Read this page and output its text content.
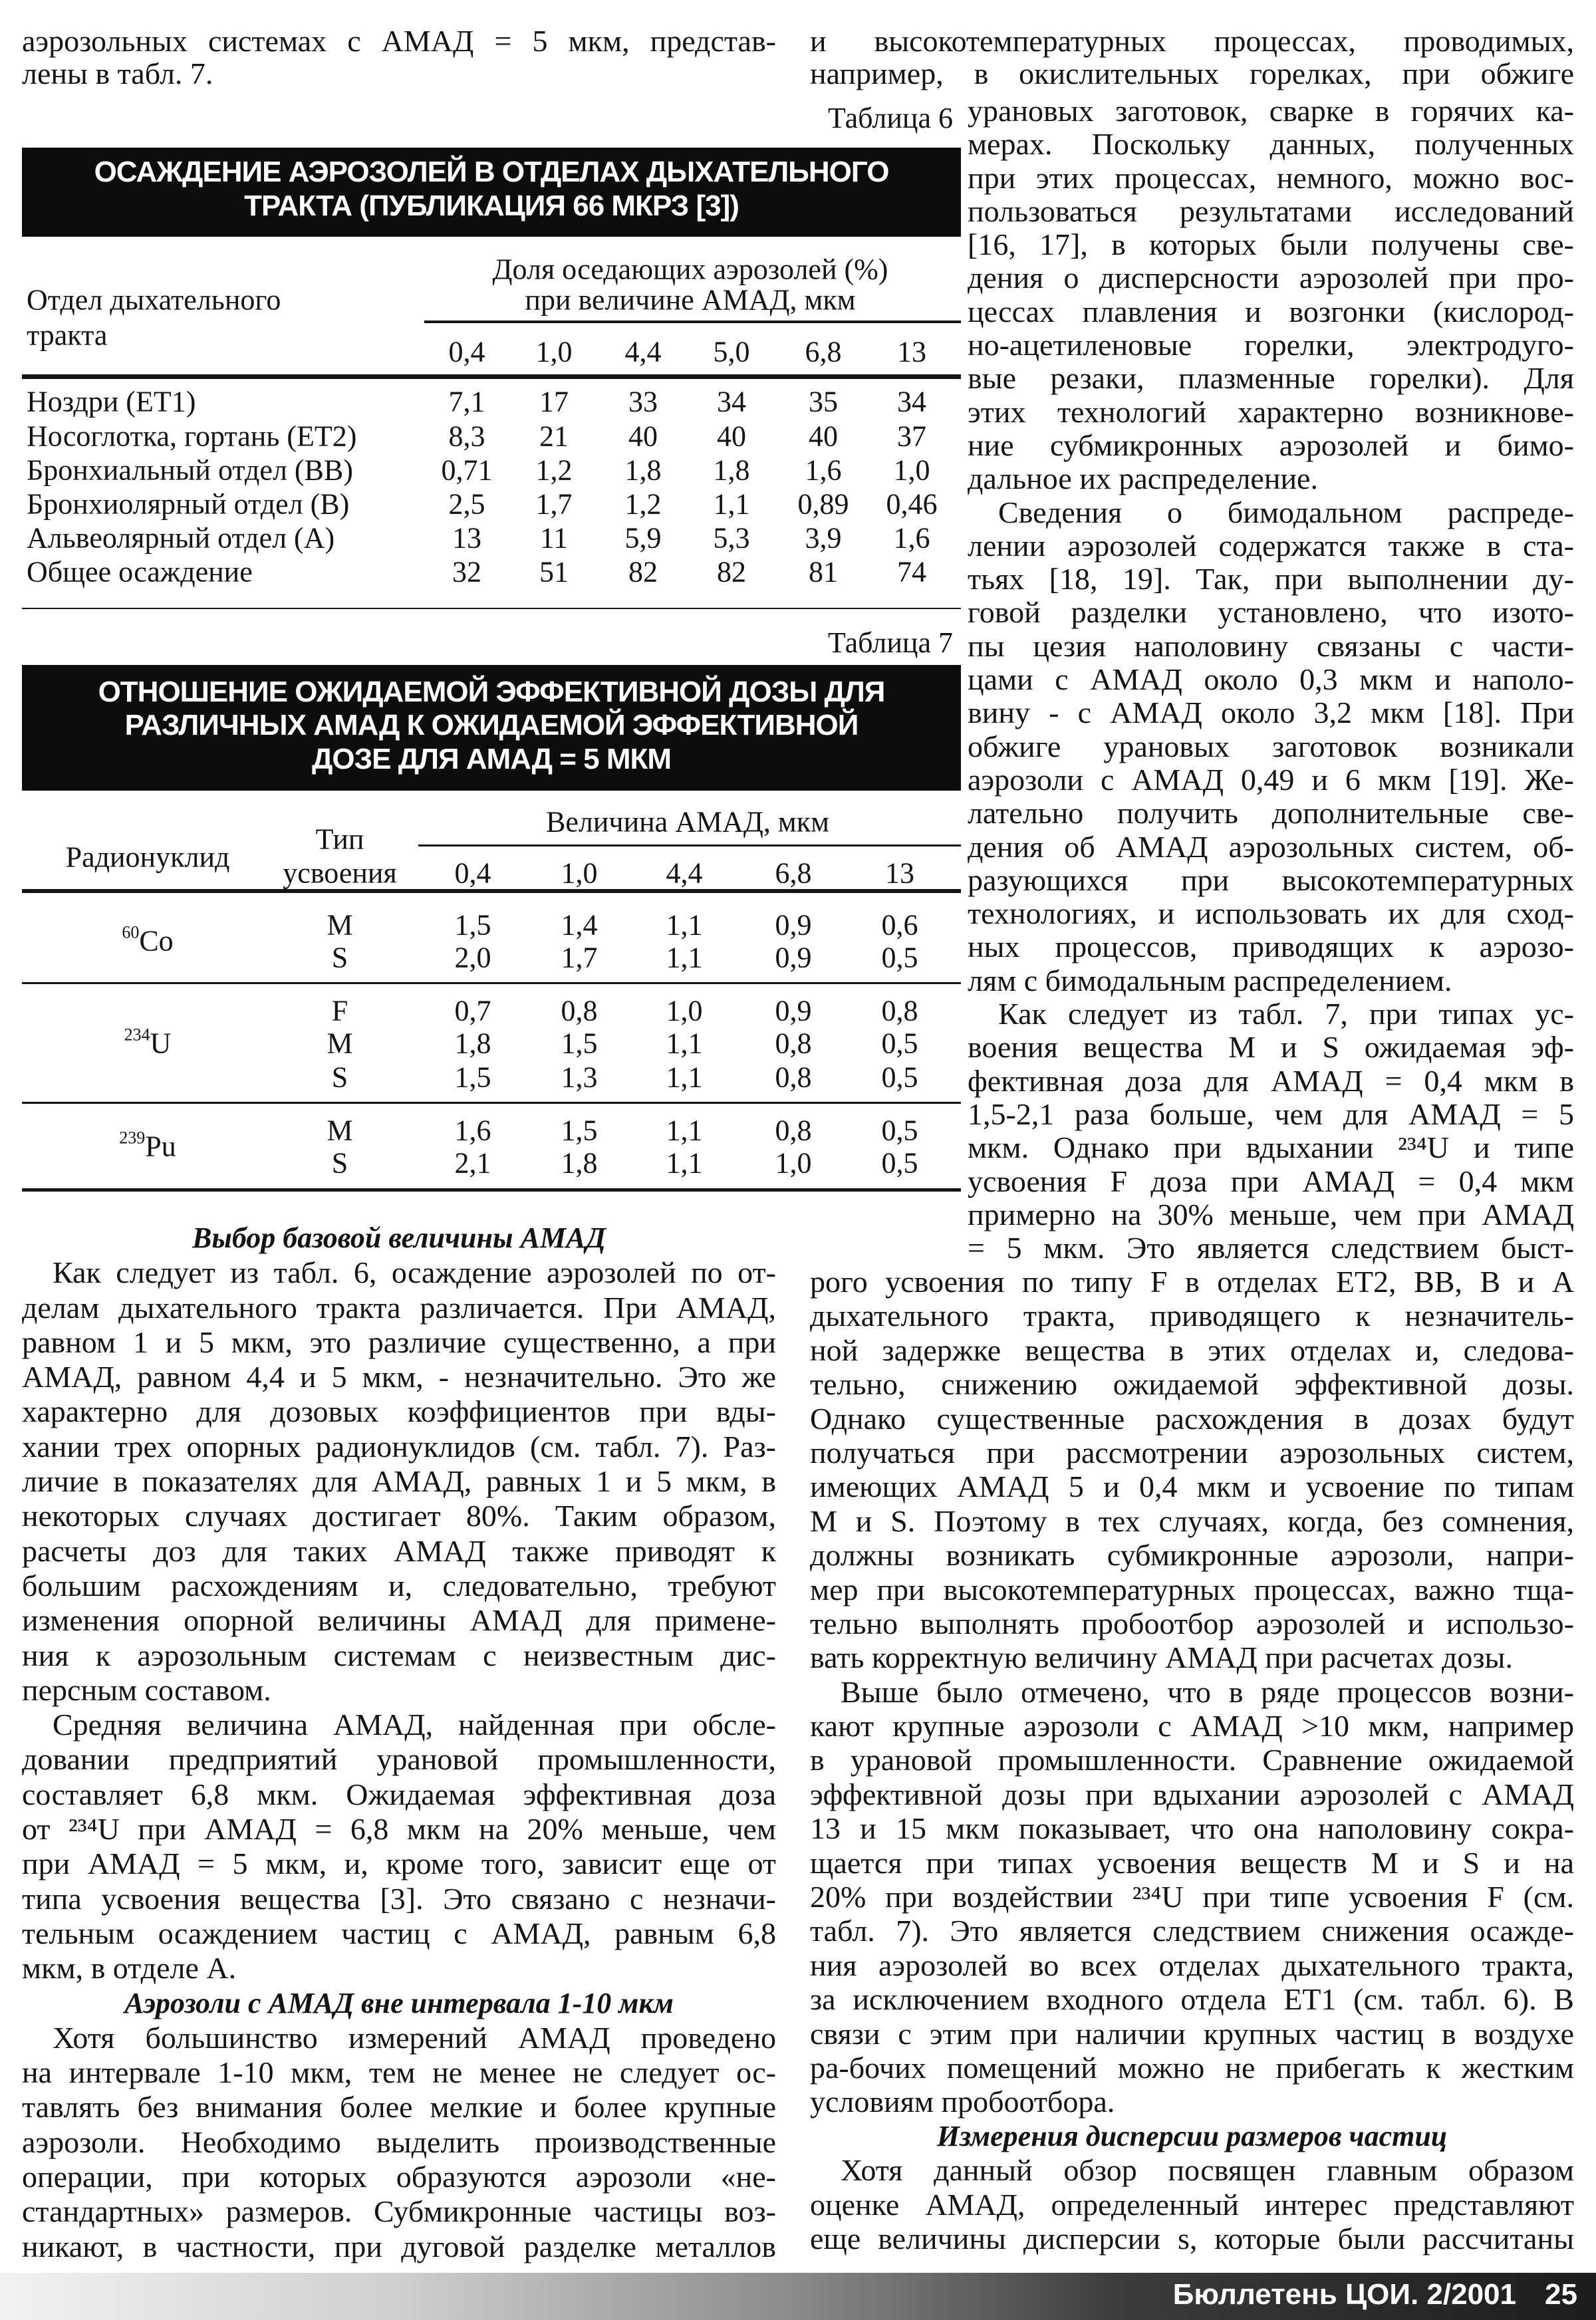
аэрозольных системах с АМАД = 5 мкм, представ-
лены в табл. 7.
и высокотемпературных процессах, проводимых,
например, в окислительных горелках, при обжиге
урановых заготовок, сварке в горячих ка-
мерах. Поскольку данных, полученных
при этих процессах, немного, можно вос-
пользоваться результатами исследований
[16, 17], в которых были получены све-
дения о дисперсности аэрозолей при про-
цессах плавления и возгонки (кислород-
но-ацетиленовые горелки, электродуго-
вые резаки, плазменные горелки). Для
этих технологий характерно возникнове-
ние субмикронных аэрозолей и бимо-
дальное их распределение.
Сведения о бимодальном распреде-
лении аэрозолей содержатся также в ста-
тьях [18, 19]. Так, при выполнении ду-
говой разделки установлено, что изото-
пы цезия наполовину связаны с части-
цами с АМАД около 0,3 мкм и наполо-
вину - с АМАД около 3,2 мкм [18]. При
обжиге урановых заготовок возникали
аэрозоли с АМАД 0,49 и 6 мкм [19]. Же-
лательно получить дополнительные све-
дения об АМАД аэрозольных систем, об-
разующихся при высокотемпературных
технологиях, и использовать их для сход-
ных процессов, приводящих к аэрозо-
лям с бимодальным распределением.
Как следует из табл. 7, при типах ус-
воения вещества M и S ожидаемая эф-
фективная доза для АМАД = 0,4 мкм в
1,5-2,1 раза больше, чем для АМАД = 5
мкм. Однако при вдыхании ²³⁴U и типе
усвоения F доза при АМАД = 0,4 мкм
примерно на 30% меньше, чем при АМАД
= 5 мкм. Это является следствием быст-
рого усвоения по типу F в отделах ЕТ2, ВВ, В и А
дыхательного тракта, приводящего к незначитель-
ной задержке вещества в этих отделах и, следова-
тельно, снижению ожидаемой эффективной дозы.
Однако существенные расхождения в дозах будут
получаться при рассмотрении аэрозольных систем,
имеющих АМАД 5 и 0,4 мкм и усвоение по типам
M и S. Поэтому в тех случаях, когда, без сомнения,
должны возникать субмикронные аэрозоли, напри-
мер при высокотемпературных процессах, важно тща-
тельно выполнять пробоотбор аэрозолей и использо-
вать корректную величину АМАД при расчетах дозы.
Выше было отмечено, что в ряде процессов возни-
кают крупные аэрозоли с АМАД >10 мкм, например
в урановой промышленности. Сравнение ожидаемой
эффективной дозы при вдыхании аэрозолей с АМАД
13 и 15 мкм показывает, что она наполовину сокра-
щается при типах усвоения веществ M и S и на
20% при воздействии ²³⁴U при типе усвоения F (см.
табл. 7). Это является следствием снижения осажде-
ния аэрозолей во всех отделах дыхательного тракта,
за исключением входного отдела ЕТ1 (см. табл. 6). В
связи с этим при наличии крупных частиц в воздухе
ра-бочих помещений можно не прибегать к жестким
условиям пробоотбора.
Измерения дисперсии размеров частиц
Хотя данный обзор посвящен главным образом
оценке АМАД, определенный интерес представляют
еще величины дисперсии s, которые были рассчитаны
Выбор базовой величины АМАД
Как следует из табл. 6, осаждение аэрозолей по от-
делам дыхательного тракта различается. При АМАД,
равном 1 и 5 мкм, это различие существенно, а при
АМАД, равном 4,4 и 5 мкм, - незначительно. Это же
характерно для дозовых коэффициентов при вды-
хании трех опорных радионуклидов (см. табл. 7). Раз-
личие в показателях для АМАД, равных 1 и 5 мкм, в
некоторых случаях достигает 80%. Таким образом,
расчеты доз для таких АМАД также приводят к
большим расхождениям и, следовательно, требуют
изменения опорной величины АМАД для примене-
ния к аэрозольным системам с неизвестным дис-
персным составом.
Средняя величина АМАД, найденная при обсле-
довании предприятий урановой промышленности,
составляет 6,8 мкм. Ожидаемая эффективная доза
от ²³⁴U при АМАД = 6,8 мкм на 20% меньше, чем
при АМАД = 5 мкм, и, кроме того, зависит еще от
типа усвоения вещества [3]. Это связано с незначи-
тельным осаждением частиц с АМАД, равным 6,8
мкм, в отделе А.
Аэрозоли с АМАД вне интервала 1-10 мкм
Хотя большинство измерений АМАД проведено
на интервале 1-10 мкм, тем не менее не следует ос-
тавлять без внимания более мелкие и более крупные
аэрозоли. Необходимо выделить производственные
операции, при которых образуются аэрозоли «не-
стандартных» размеров. Субмикронные частицы воз-
никают, в частности, при дуговой разделке металлов
Таблица 6
ОСАЖДЕНИЕ АЭРОЗОЛЕЙ В ОТДЕЛАХ ДЫХАТЕЛЬНОГО
ТРАКТА (ПУБЛИКАЦИЯ 66 МКРЗ [3])
Доля оседающих аэрозолей (%)
при величине АМАД, мкм
Отдел дыхательного
тракта
0,4 1,0 4,4 5,0 6,8 13
Ноздри (ЕТ1)	7,1 17 33 34 35 34
Носоглотка, гортань (ЕТ2)	8,3 21 40 40 40 37
Бронхиальный отдел (ВВ)	0,71 1,2 1,8 1,8 1,6 1,0
Бронхиолярный отдел (В)	2,5 1,7 1,2 1,1 0,89 0,46
Альвеолярный отдел (А)	13 11 5,9 5,3 3,9 1,6
Общее осаждение	32 51 82 82 81 74
Таблица 7
ОТНОШЕНИЕ ОЖИДАЕМОЙ ЭФФЕКТИВНОЙ ДОЗЫ ДЛЯ
РАЗЛИЧНЫХ АМАД К ОЖИДАЕМОЙ ЭФФЕКТИВНОЙ
ДОЗЕ ДЛЯ АМАД = 5 МКМ
Величина АМАД, мкм
Радионуклид
Тип
усвоения 0,4 1,0 4,4 6,8	13
$^{60}$Co	M	1,5 1,4 1,1 0,9 0,6
S	2,0 1,7 1,1 0,9 0,5
$^{234}$U
F	0,7 0,8 1,0 0,9 0,8
M	1,8 1,5 1,1 0,8 0,5
S	1,5 1,3 1,1 0,8 0,5
$^{239}$Pu	M	1,6 1,5 1,1 0,8 0,5
S	2,1 1,8 1,1 1,0 0,5
Бюллетень ЦОИ. 2/2001 25
